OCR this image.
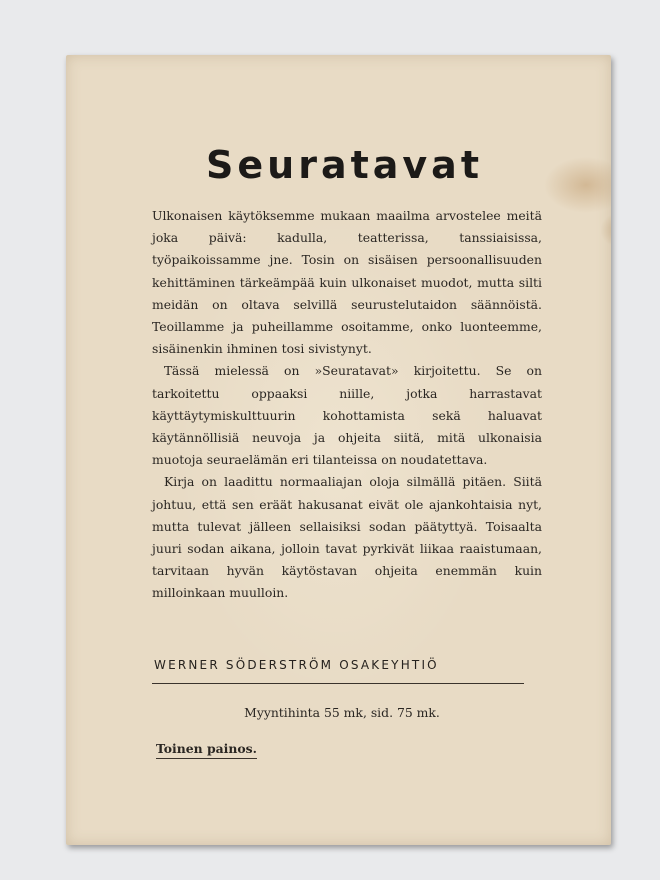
Seuratavat

Ulkonaisen käytöksemme mukaan maailma arvostelee meitä joka päivä: kadulla, teatterissa, tanssiaisissa, työpaikoissamme jne. Tosin on sisäisen persoonallisuuden kehittäminen tärkeämpää kuin ulkonaiset muodot, mutta silti meidän on oltava selvillä seurustelutaidon säännöistä. Teoillamme ja puheillamme osoitamme, onko luonteemme, sisäinenkin ihminen tosi sivistynyt.

Tässä mielessä on »Seuratavat» kirjoitettu. Se on tarkoitettu oppaaksi niille, jotka harrastavat käyttäytymiskulttuurin kohottamista sekä haluavat käytännöllisiä neuvoja ja ohjeita siitä, mitä ulkonaisia muotoja seuraelämän eri tilanteissa on noudatettava.

Kirja on laadittu normaaliajan oloja silmällä pitäen. Siitä johtuu, että sen eräät hakusanat eivät ole ajankohtaisia nyt, mutta tulevat jälleen sellaisiksi sodan päätyttyä. Toisaalta juuri sodan aikana, jolloin tavat pyrkivät liikaa raaistumaan, tarvitaan hyvän käytöstavan ohjeita enemmän kuin milloinkaan muulloin.

WERNER SÖDERSTRÖM OSAKEYHTIÖ
Myyntihinta 55 mk, sid. 75 mk.
Toinen painos.
